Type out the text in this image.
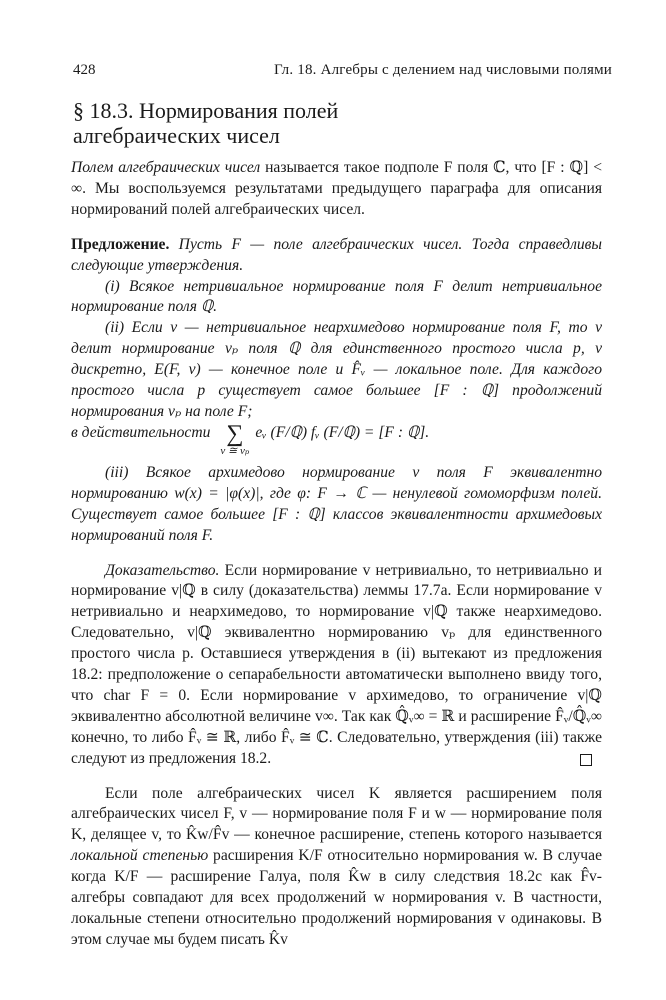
428	Гл. 18. Алгебры с делением над числовыми полями
§ 18.3. Нормирования полей
алгебраических чисел

Полем алгебраических чисел называется такое подполе F поля ℂ, что [F : ℚ] < ∞. Мы воспользуемся результатами предыдущего параграфа для описания нормирований полей алгебраических чисел.

Предложение. Пусть F — поле алгебраических чисел. Тогда справедливы следующие утверждения.

(i) Всякое нетривиальное нормирование поля F делит нетривиальное нормирование поля ℚ.

(ii) Если v — нетривиальное неархимедово нормирование поля F, то v делит нормирование vₚ поля ℚ для единственного простого числа p, v дискретно, E(F, v) — конечное поле и F̂ᵥ — локальное поле. Для каждого простого числа p существует самое большее [F : ℚ] продолжений нормирования vₚ на поле F;

в действительности ∑
v ≅ vₚ
eᵥ (F/ℚ) fᵥ (F/ℚ) = [F : ℚ].

(iii) Всякое архимедово нормирование v поля F эквивалентно нормированию w(x) = |φ(x)|, где φ: F → ℂ — ненулевой гомоморфизм полей. Существует самое большее [F : ℚ] классов эквивалентности архимедовых нормирований поля F.

Доказательство. Если нормирование v нетривиально, то нетривиально и нормирование v|ℚ в силу (доказательства) леммы 17.7a. Если нормирование v нетривиально и неархимедово, то нормирование v|ℚ также неархимедово. Следовательно, v|ℚ эквивалентно нормированию vₚ для единственного простого числа p. Оставшиеся утверждения в (ii) вытекают из предложения 18.2: предположение о сепарабельности автоматически выполнено ввиду того, что char F = 0. Если нормирование v архимедово, то ограничение v|ℚ эквивалентно абсолютной величине v∞. Так как ℚ̂ᵥ∞ = ℝ и расширение F̂ᵥ/ℚ̂ᵥ∞ конечно, то либо F̂ᵥ ≅ ℝ, либо F̂ᵥ ≅ ℂ. Следовательно, утверждения (iii) также следуют из предложения 18.2.

Если поле алгебраических чисел K является расширением поля алгебраических чисел F, v — нормирование поля F и w — нормирование поля K, делящее v, то K̂w/F̂v — конечное расширение, степень которого называется локальной степенью расширения K/F относительно нормирования w. В случае когда K/F — расширение Галуа, поля K̂w в силу следствия 18.2c как F̂v-алгебры совпадают для всех продолжений w нормирования v. В частности, локальные степени относительно продолжений нормирования v одинаковы. В этом случае мы будем писать K̂v
